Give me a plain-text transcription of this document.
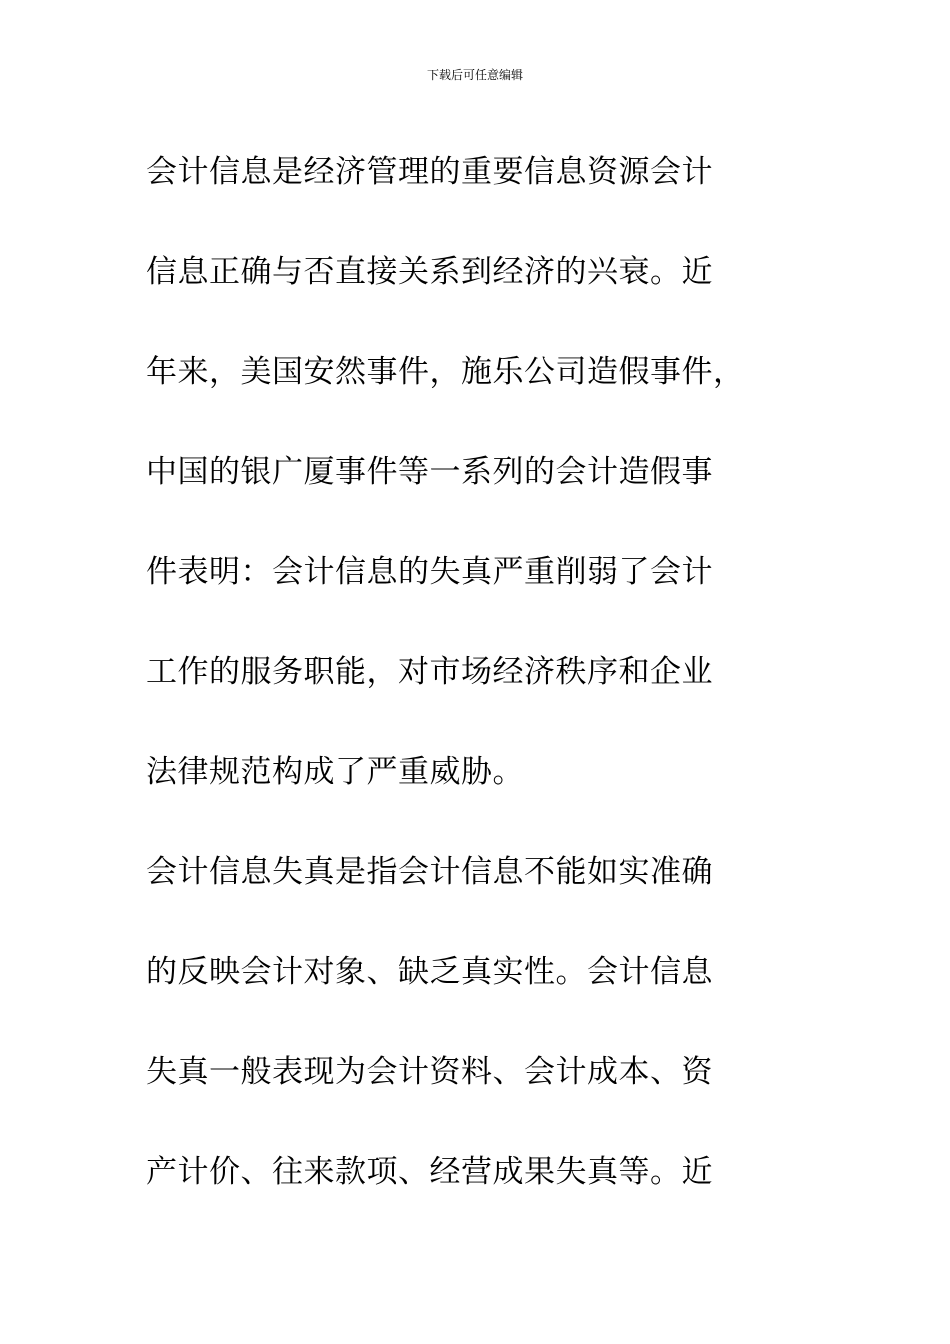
下载后可任意编辑
会计信息是经济管理的重要信息资源会计
信息正确与否直接关系到经济的兴衰。近
年来，美国安然事件，施乐公司造假事件，
中国的银广厦事件等一系列的会计造假事
件表明：会计信息的失真严重削弱了会计
工作的服务职能，对市场经济秩序和企业
法律规范构成了严重威胁。
会计信息失真是指会计信息不能如实准确
的反映会计对象、缺乏真实性。会计信息
失真一般表现为会计资料、会计成本、资
产计价、往来款项、经营成果失真等。近
